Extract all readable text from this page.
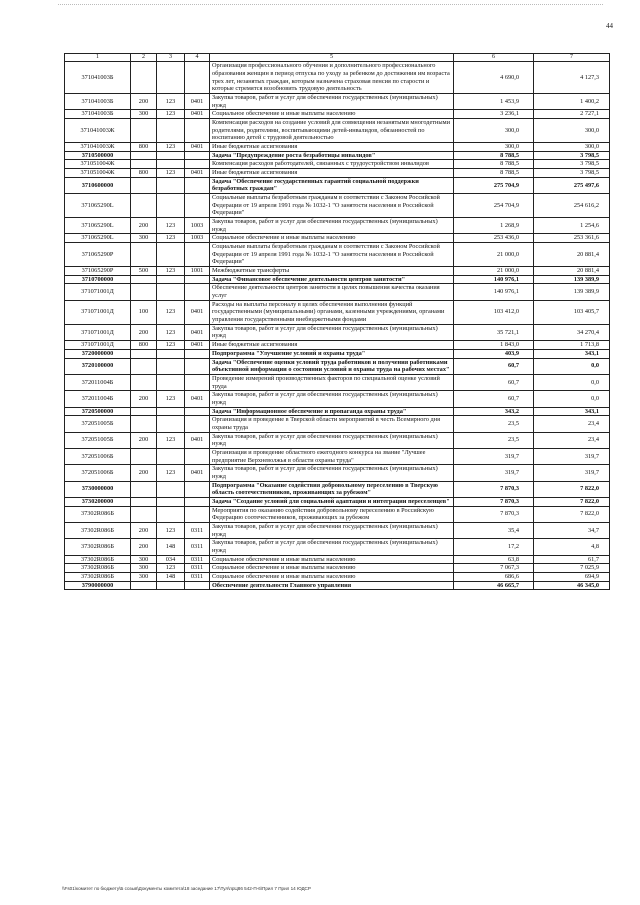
44
1	2	3	4	5	6	7
371041003Б				Организация профессионального обучения и дополнительного профессионального образования женщин в период отпуска по уходу за ребенком до достижения им возраста трех лет, незанятых граждан, которым назначена страховая пенсия по старости и которые стремятся возобновить трудовую деятельность	4 690,0	4 127,3
371041003Б	200	123	0401	Закупка товаров, работ и услуг для обеспечения государственных (муниципальных) нужд	1 453,9	1 400,2
371041003Б	300	123	0401	Социальное обеспечение и иные выплаты населению	3 236,1	2 727,1
371041003Ж				Компенсация расходов на создание условий для совмещения незанятыми многодетными родителями, родителями, воспитывающими детей-инвалидов, обязанностей по воспитанию детей с трудовой деятельностью	300,0	300,0
371041003Ж	800	123	0401	Иные бюджетные ассигнования	300,0	300,0
3710500000				Задача "Предупреждение роста безработицы инвалидов"	8 788,5	3 798,5
371051004Ж				Компенсация расходов работодателей, связанных с трудоустройством инвалидов	8 788,5	3 798,5
371051004Ж	800	123	0401	Иные бюджетные ассигнования	8 788,5	3 798,5
3710600000				Задача "Обеспечение государственных гарантий социальной поддержки безработных граждан"	275 704,9	275 497,6
371065290L				Социальные выплаты безработным гражданам в соответствии с Законом Российской Федерации от 19 апреля 1991 года № 1032-1 "О занятости населения в Российской Федерации"	254 704,9	254 616,2
371065290L	200	123	1003	Закупка товаров, работ и услуг для обеспечения государственных (муниципальных) нужд	1 268,9	1 254,6
371065290L	300	123	1003	Социальное обеспечение и иные выплаты населению	253 436,0	253 361,6
371065290Р				Социальные выплаты безработным гражданам в соответствии с Законом Российской Федерации от 19 апреля 1991 года № 1032-1 "О занятости населения в Российской Федерации"	21 000,0	20 881,4
371065290Р	500	123	1001	Межбюджетные трансферты	21 000,0	20 881,4
3710700000				Задача "Финансовое обеспечение деятельности центров занятости"	140 976,1	139 389,9
371071001Д				Обеспечение деятельности центров занятости в целях повышения качества оказания услуг	140 976,1	139 389,9
371071001Д	100	123	0401	Расходы на выплаты персоналу в целях обеспечения выполнения функций государственными (муниципальными) органами, казенными учреждениями, органами управления государственными внебюджетными фондами	103 412,0	103 405,7
371071001Д	200	123	0401	Закупка товаров, работ и услуг для обеспечения государственных (муниципальных) нужд	35 721,1	34 270,4
371071001Д	800	123	0401	Иные бюджетные ассигнования	1 843,0	1 713,8
3720000000				Подпрограмма "Улучшение условий и охраны труда"	403,9	343,1
3720100000				Задача "Обеспечение оценки условий труда работников и получения работниками объективной информации о состоянии условий и охраны труда на рабочих местах"	60,7	0,0
372011004Б				Проведение измерений производственных факторов по специальной оценке условий труда	60,7	0,0
372011004Б	200	123	0401	Закупка товаров, работ и услуг для обеспечения государственных (муниципальных) нужд	60,7	0,0
3720500000				Задача "Информационное обеспечение и пропаганда охраны труда"	343,2	343,1
372051005Б				Организация и проведение в Тверской области мероприятий в честь Всемирного дня охраны труда	23,5	23,4
372051005Б	200	123	0401	Закупка товаров, работ и услуг для обеспечения государственных (муниципальных) нужд	23,5	23,4
372051006Б				Организация и проведение областного ежегодного конкурса на звание "Лучшее предприятие Верхневолжья в области охраны труда"	319,7	319,7
372051006Б	200	123	0401	Закупка товаров, работ и услуг для обеспечения государственных (муниципальных) нужд	319,7	319,7
3730000000				Подпрограмма "Оказание содействия добровольному переселению в Тверскую область соотечественников, проживающих за рубежом"	7 870,3	7 822,0
3730200000				Задача "Создание условий для социальной адаптации и интеграции переселенцев"	7 870,3	7 822,0
37302R086Б				Мероприятия по оказанию содействия добровольному переселению в Российскую Федерацию соотечественников, проживающих за рубежом	7 870,3	7 822,0
37302R086Б	200	123	0311	Закупка товаров, работ и услуг для обеспечения государственных (муниципальных) нужд	35,4	34,7
37302R086Б	200	148	0311	Закупка товаров, работ и услуг для обеспечения государственных (муниципальных) нужд	17,2	4,8
37302R086Б	300	034	0311	Социальное обеспечение и иные выплаты населению	63,8	61,7
37302R086Б	300	123	0311	Социальное обеспечение и иные выплаты населению	7 067,3	7 025,9
37302R086Б	300	148	0311	Социальное обеспечение и иные выплаты населению	686,6	694,9
3790000000				Обеспечение деятельности Главного управления	46 665,7	46 345,0
\\Fs01\комитет по бюджету\Б созыв\Документы комитета\18 заседание 17\Тул\прЦ86 542-П-6\Прил 7 Прил 14 ЮДСР
